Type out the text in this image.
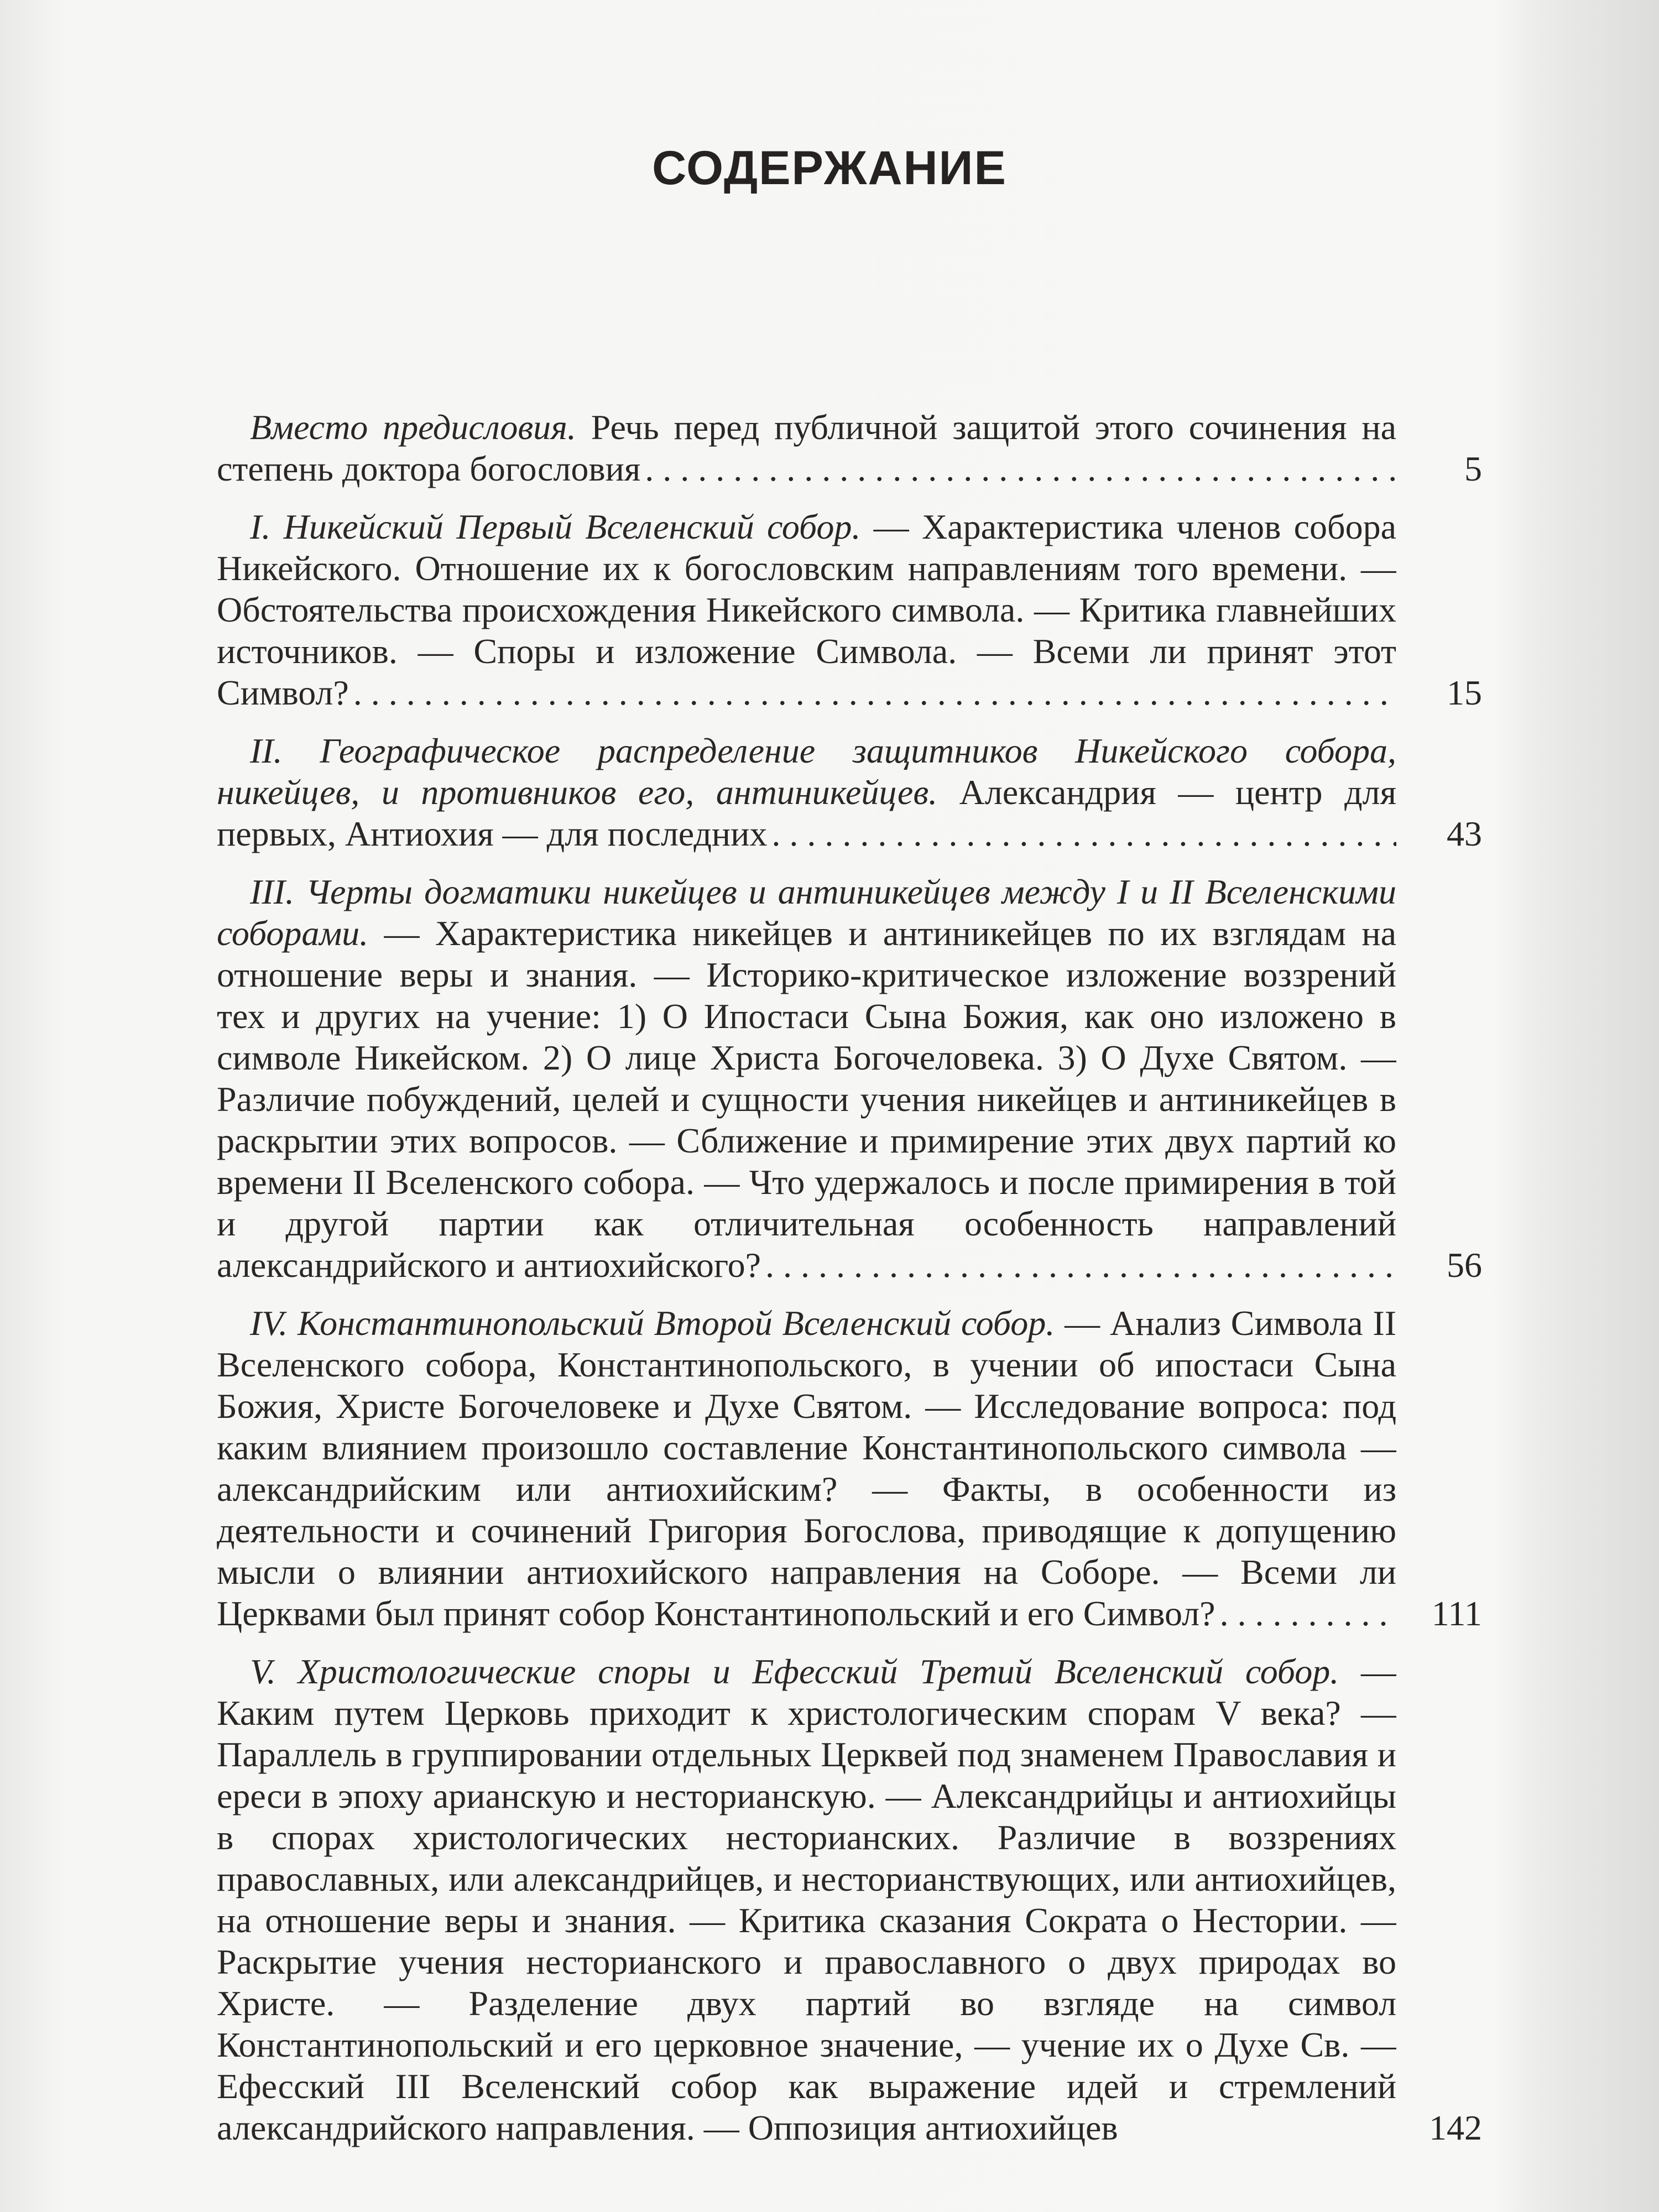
СОДЕРЖАНИЕ
Вместо предисловия. Речь перед публичной защитой этого сочинения на степень доктора богословия	5
I. Никейский Первый Вселенский собор. — Характеристика членов собора Никейского. Отношение их к богословским направлениям того времени. — Обстоятельства происхождения Никейского символа. — Критика главнейших источников. — Споры и изложение Символа. — Всеми ли принят этот Символ?	15
II. Географическое распределение защитников Никейского собора, никейцев, и противников его, антиникейцев. Александрия — центр для первых, Антиохия — для последних	43
III. Черты догматики никейцев и антиникейцев между I и II Вселенскими соборами. — Характеристика никейцев и антиникейцев по их взглядам на отношение веры и знания. — Историко-критическое изложение воззрений тех и других на учение: 1) О Ипостаси Сына Божия, как оно изложено в символе Никейском. 2) О лице Христа Богочеловека. 3) О Духе Святом. — Различие побуждений, целей и сущности учения никейцев и антиникейцев в раскрытии этих вопросов. — Сближение и примирение этих двух партий ко времени II Вселенского собора. — Что удержалось и после примирения в той и другой партии как отличительная особенность направлений александрийского и антиохийского?	56
IV. Константинопольский Второй Вселенский собор. — Анализ Символа II Вселенского собора, Константинопольского, в учении об ипостаси Сына Божия, Христе Богочеловеке и Духе Святом. — Исследование вопроса: под каким влиянием произошло составление Константинопольского символа — александрийским или антиохийским? — Факты, в особенности из деятельности и сочинений Григория Богослова, приводящие к допущению мысли о влиянии антиохийского направления на Соборе. — Всеми ли Церквами был принят собор Константинопольский и его Символ?	111
V. Христологические споры и Ефесский Третий Вселенский собор. — Каким путем Церковь приходит к христологическим спорам V века? — Параллель в группировании отдельных Церквей под знаменем Православия и ереси в эпоху арианскую и несторианскую. — Александрийцы и антиохийцы в спорах христологических несторианских. Различие в воззрениях православных, или александрийцев, и несторианствующих, или антиохийцев, на отношение веры и знания. — Критика сказания Сократа о Нестории. — Раскрытие учения несторианского и православного о двух природах во Христе. — Разделение двух партий во взгляде на символ Константинопольский и его церковное значение, — учение их о Духе Св. — Ефесский III Вселенский собор как выражение идей и стремлений александрийского направления. — Оппозиция антиохийцев	142
